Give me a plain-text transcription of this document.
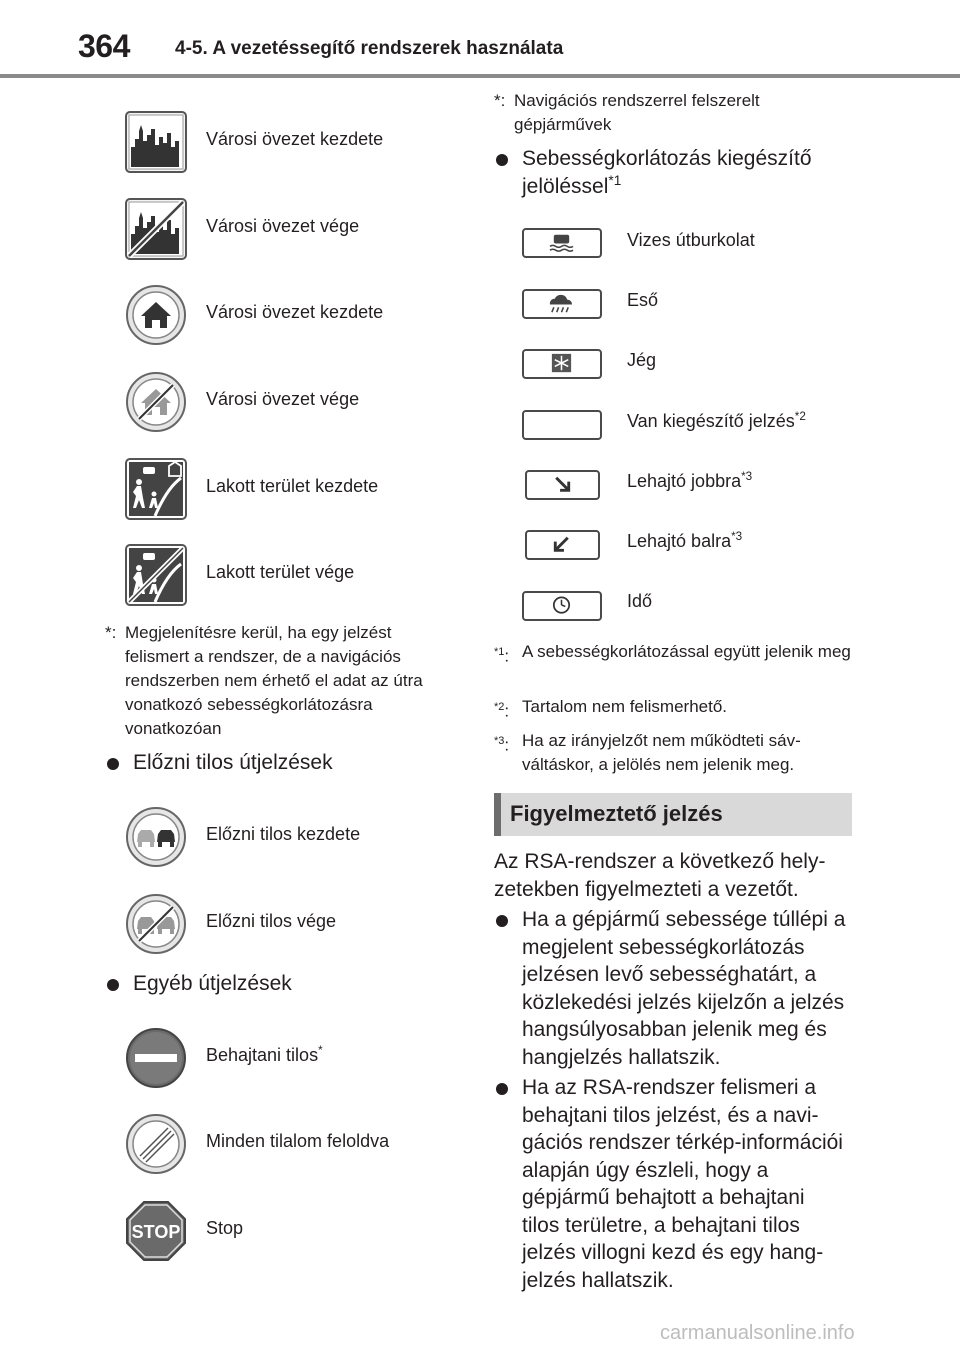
364 4-5. A vezetéssegítő rendszerek használata
Városi övezet kezdete
Városi övezet vége
Városi övezet kezdete
Városi övezet vége
Lakott terület kezdete
Lakott terület vége
*: Megjelenítésre kerül, ha egy jelzést felismert a rendszer, de a navigációs rendszerben nem érhető el adat az útra vonatkozó sebességkorlátozásra vonatkozóan
Előzni tilos útjelzések
Előzni tilos kezdete
Előzni tilos vége
Egyéb útjelzések
Behajtani tilos*
Minden tilalom feloldva
STOP Stop
*: Navigációs rendszerrel felszerelt gépjárművek
Sebességkorlátozás kiegészítő jelöléssel$^{*1}$
Vizes útburkolat
Eső
Jég
Van kiegészítő jelzés$^{*2}$
Lehajtó jobbra$^{*3}$
Lehajtó balra$^{*3}$
Idő
$^{*1}$: A sebességkorlátozással együtt jelenik meg
$^{*2}$: Tartalom nem felismerhető.
$^{*3}$: Ha az irányjelzőt nem működteti sávváltáskor, a jelölés nem jelenik meg.
Figyelmeztető jelzés
Az RSA-rendszer a következő helyzetekben figyelmezteti a vezetőt.
Ha a gépjármű sebessége túllépi a megjelent sebességkorlátozás jelzésen levő sebességhatárt, a közlekedési jelzés kijelzőn a jelzés hangsúlyosabban jelenik meg és hangjelzés hallatszik.
Ha az RSA-rendszer felismeri a behajtani tilos jelzést, és a navigációs rendszer térkép-információi alapján úgy észleli, hogy a gépjármű behajtott a behajtani tilos területre, a behajtani tilos jelzés villogni kezd és egy hangjelzés hallatszik.
carmanualsonline.info
